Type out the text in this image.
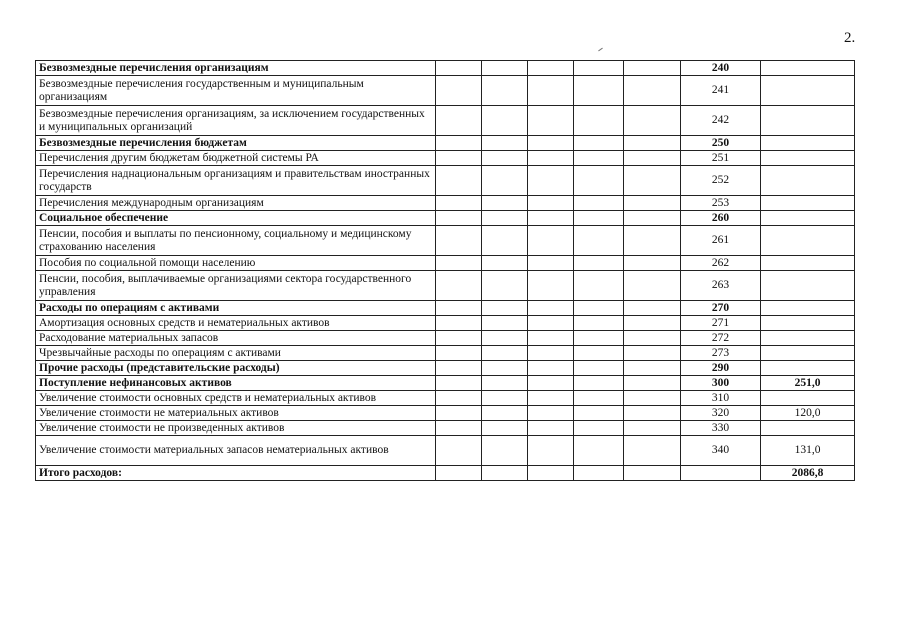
2.
Безвозмездные перечисления организациям						240	
Безвозмездные перечисления государственным и муниципальным организациям						241	
Безвозмездные перечисления организациям, за исключением государственных и муниципальных организаций						242	
Безвозмездные перечисления бюджетам						250	
Перечисления другим бюджетам бюджетной системы РА						251	
Перечисления наднациональным организациям и правительствам иностранных государств						252	
Перечисления международным организациям						253	
Социальное обеспечение						260	
Пенсии, пособия и выплаты по пенсионному, социальному и медицинскому страхованию населения						261	
Пособия по социальной помощи населению						262	
Пенсии, пособия, выплачиваемые организациями сектора государственного управления						263	
Расходы по операциям с активами						270	
Амортизация основных средств и нематериальных активов						271	
Расходование материальных запасов						272	
Чрезвычайные расходы по операциям с активами						273	
Прочие расходы (представительские расходы)						290	
Поступление нефинансовых активов						300	251,0
Увеличение стоимости основных средств и нематериальных активов						310	
Увеличение стоимости не материальных активов						320	120,0
Увеличение стоимости не произведенных активов						330	
Увеличение стоимости материальных запасов нематериальных активов						340	131,0
Итого расходов:							2086,8
